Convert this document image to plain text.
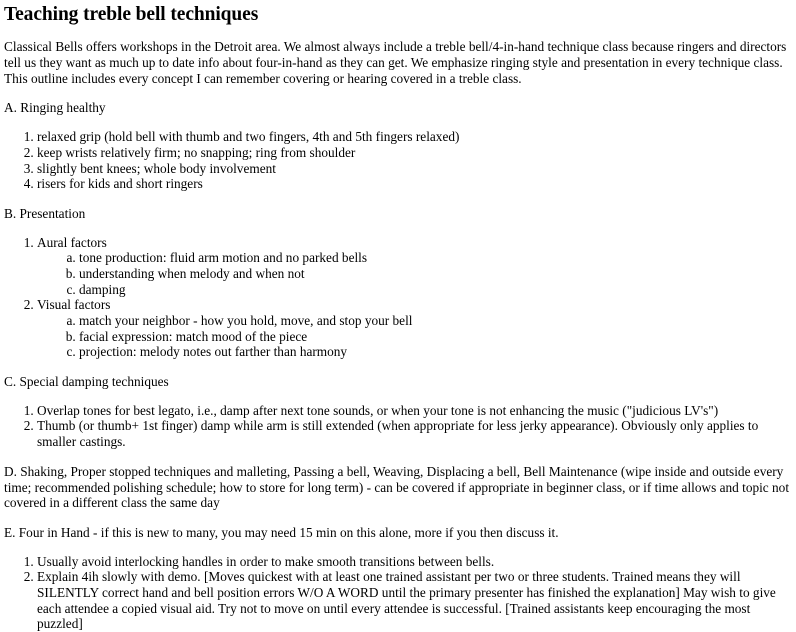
Teaching treble bell techniques

Classical Bells offers workshops in the Detroit area. We almost always include a treble bell/4-in-hand technique class because ringers and directors tell us they want as much up to date info about four-in-hand as they can get. We emphasize ringing style and presentation in every technique class. This outline includes every concept I can remember covering or hearing covered in a treble class.

A. Ringing healthy

1. relaxed grip (hold bell with thumb and two fingers, 4th and 5th fingers relaxed)
2. keep wrists relatively firm; no snapping; ring from shoulder
3. slightly bent knees; whole body involvement
4. risers for kids and short ringers

B. Presentation

1. Aural factors
a. tone production: fluid arm motion and no parked bells
b. understanding when melody and when not
c. damping
2. Visual factors
a. match your neighbor - how you hold, move, and stop your bell
b. facial expression: match mood of the piece
c. projection: melody notes out farther than harmony

C. Special damping techniques

1. Overlap tones for best legato, i.e., damp after next tone sounds, or when your tone is not enhancing the music ("judicious LV's")
2. Thumb (or thumb+ 1st finger) damp while arm is still extended (when appropriate for less jerky appearance). Obviously only applies to smaller castings.

D. Shaking, Proper stopped techniques and malleting, Passing a bell, Weaving, Displacing a bell, Bell Maintenance (wipe inside and outside every time; recommended polishing schedule; how to store for long term) - can be covered if appropriate in beginner class, or if time allows and topic not covered in a different class the same day

E. Four in Hand - if this is new to many, you may need 15 min on this alone, more if you then discuss it.

1. Usually avoid interlocking handles in order to make smooth transitions between bells.
2. Explain 4ih slowly with demo. [Moves quickest with at least one trained assistant per two or three students. Trained means they will SILENTLY correct hand and bell position errors W/O A WORD until the primary presenter has finished the explanation] May wish to give each attendee a copied visual aid. Try not to move on until every attendee is successful. [Trained assistants keep encouraging the most puzzled]
